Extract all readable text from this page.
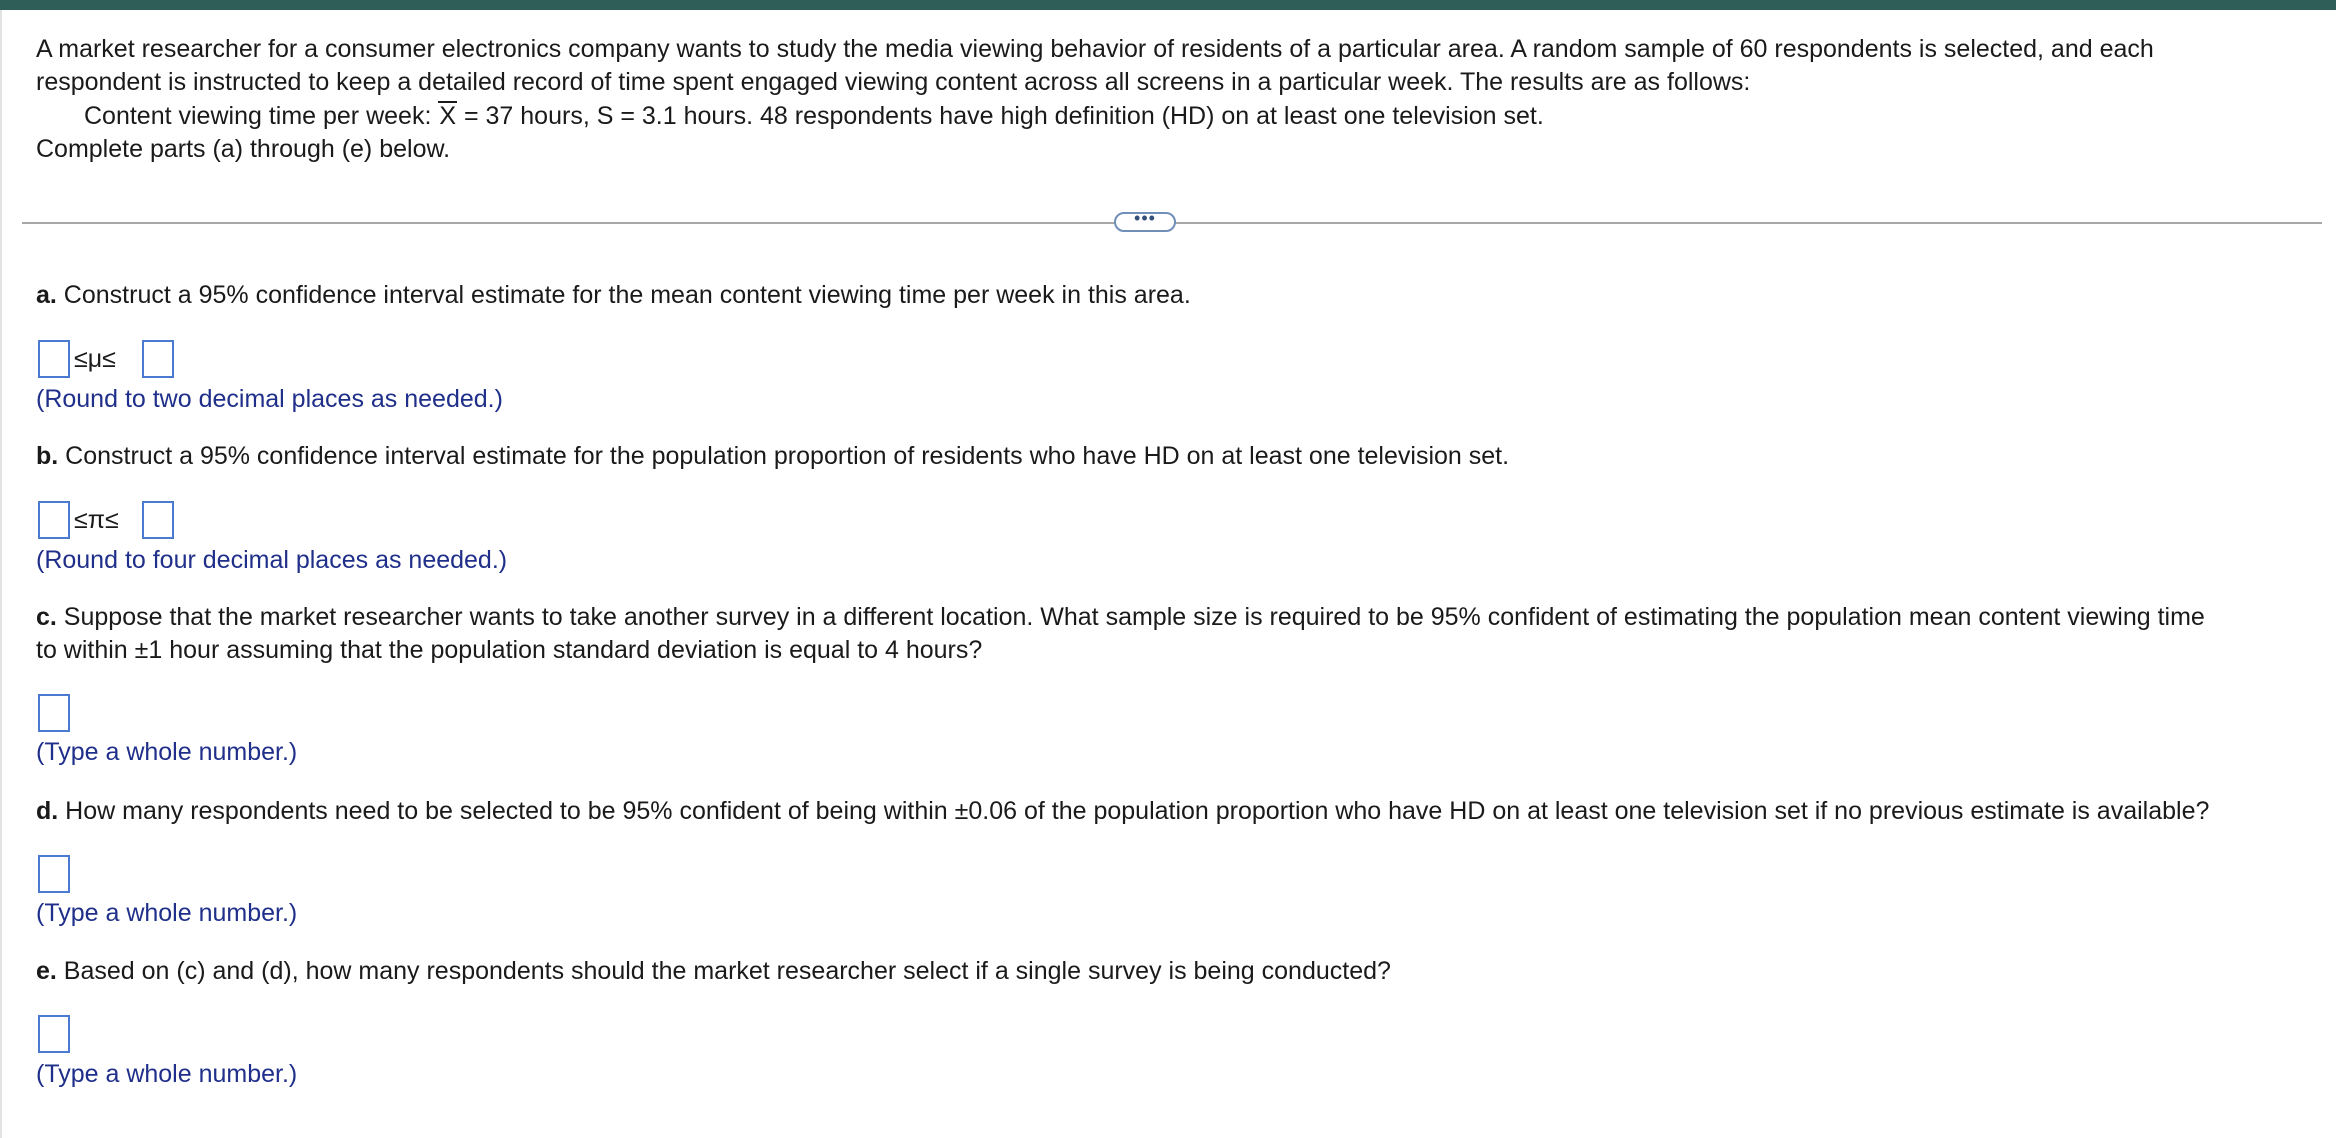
A market researcher for a consumer electronics company wants to study the media viewing behavior of residents of a particular area. A random sample of 60 respondents is selected, and each
respondent is instructed to keep a detailed record of time spent engaged viewing content across all screens in a particular week. The results are as follows:
Content viewing time per week: X = 37 hours, S = 3.1 hours. 48 respondents have high definition (HD) on at least one television set.
Complete parts (a) through (e) below.
•••
a. Construct a 95% confidence interval estimate for the mean content viewing time per week in this area.
≤μ≤
(Round to two decimal places as needed.)
b. Construct a 95% confidence interval estimate for the population proportion of residents who have HD on at least one television set.
≤π≤
(Round to four decimal places as needed.)
c. Suppose that the market researcher wants to take another survey in a different location. What sample size is required to be 95% confident of estimating the population mean content viewing time
to within ±1 hour assuming that the population standard deviation is equal to 4 hours?
(Type a whole number.)
d. How many respondents need to be selected to be 95% confident of being within ±0.06 of the population proportion who have HD on at least one television set if no previous estimate is available?
(Type a whole number.)
e. Based on (c) and (d), how many respondents should the market researcher select if a single survey is being conducted?
(Type a whole number.)
